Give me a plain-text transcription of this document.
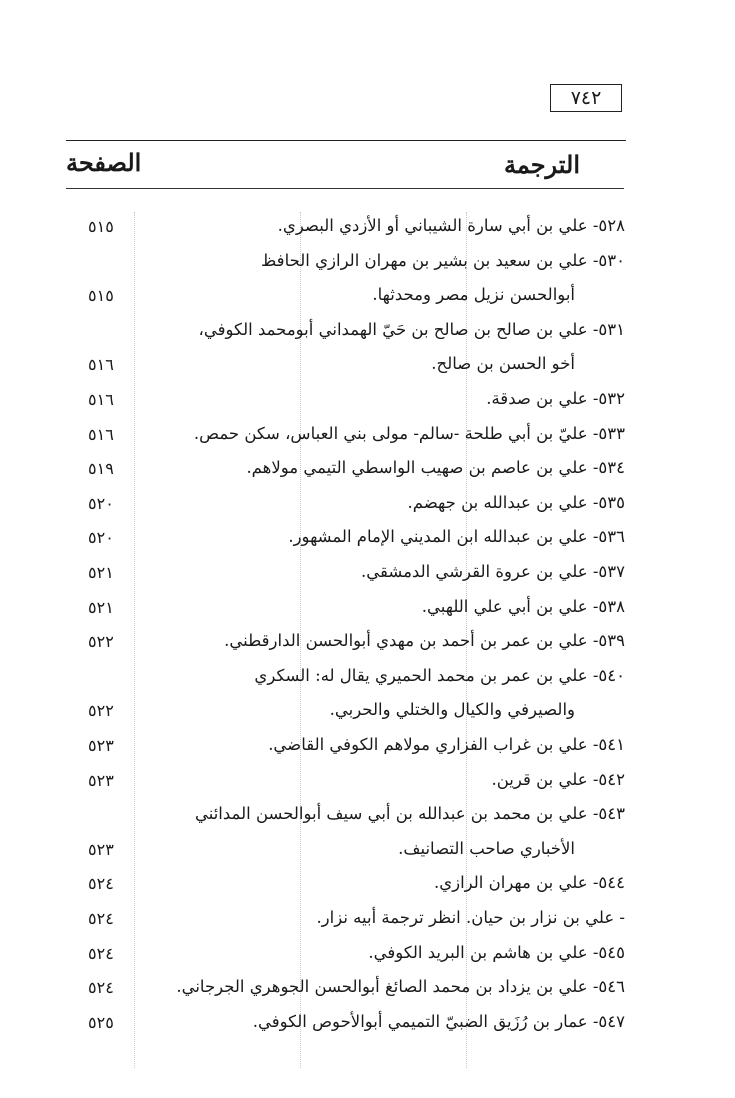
٧٤٢
الترجمة
الصفحة
٥٢٨- علي بن أبي سارة الشيباني أو الأزدي البصري.
٥١٥
٥٣٠- علي بن سعيد بن بشير بن مهران الرازي الحافظ
أبوالحسن نزيل مصر ومحدثها.
٥١٥
٥٣١- علي بن صالح بن صالح بن حَيّ الهمداني أبومحمد الكوفي،
أخو الحسن بن صالح.
٥١٦
٥٣٢- علي بن صدقة.
٥١٦
٥٣٣- عليّ بن أبي طلحة -سالم- مولى بني العباس، سكن حمص.
٥١٦
٥٣٤- علي بن عاصم بن صهيب الواسطي التيمي مولاهم.
٥١٩
٥٣٥- علي بن عبدالله بن جهضم.
٥٢٠
٥٣٦- علي بن عبدالله ابن المديني الإمام المشهور.
٥٢٠
٥٣٧- علي بن عروة القرشي الدمشقي.
٥٢١
٥٣٨- علي بن أبي علي اللهبي.
٥٢١
٥٣٩- علي بن عمر بن أحمد بن مهدي أبوالحسن الدارقطني.
٥٢٢
٥٤٠- علي بن عمر بن محمد الحميري يقال له: السكري
والصيرفي والكيال والختلي والحربي.
٥٢٢
٥٤١- علي بن غراب الفزاري مولاهم الكوفي القاضي.
٥٢٣
٥٤٢- علي بن قرين.
٥٢٣
٥٤٣- علي بن محمد بن عبدالله بن أبي سيف أبوالحسن المدائني
الأخباري صاحب التصانيف.
٥٢٣
٥٤٤- علي بن مهران الرازي.
٥٢٤
- علي بن نزار بن حيان. انظر ترجمة أبيه نزار.
٥٢٤
٥٤٥- علي بن هاشم بن البريد الكوفي.
٥٢٤
٥٤٦- علي بن يزداد بن محمد الصائغ أبوالحسن الجوهري الجرجاني.
٥٢٤
٥٤٧- عمار بن رُزَيق الضبيّ التميمي أبوالأحوص الكوفي.
٥٢٥
